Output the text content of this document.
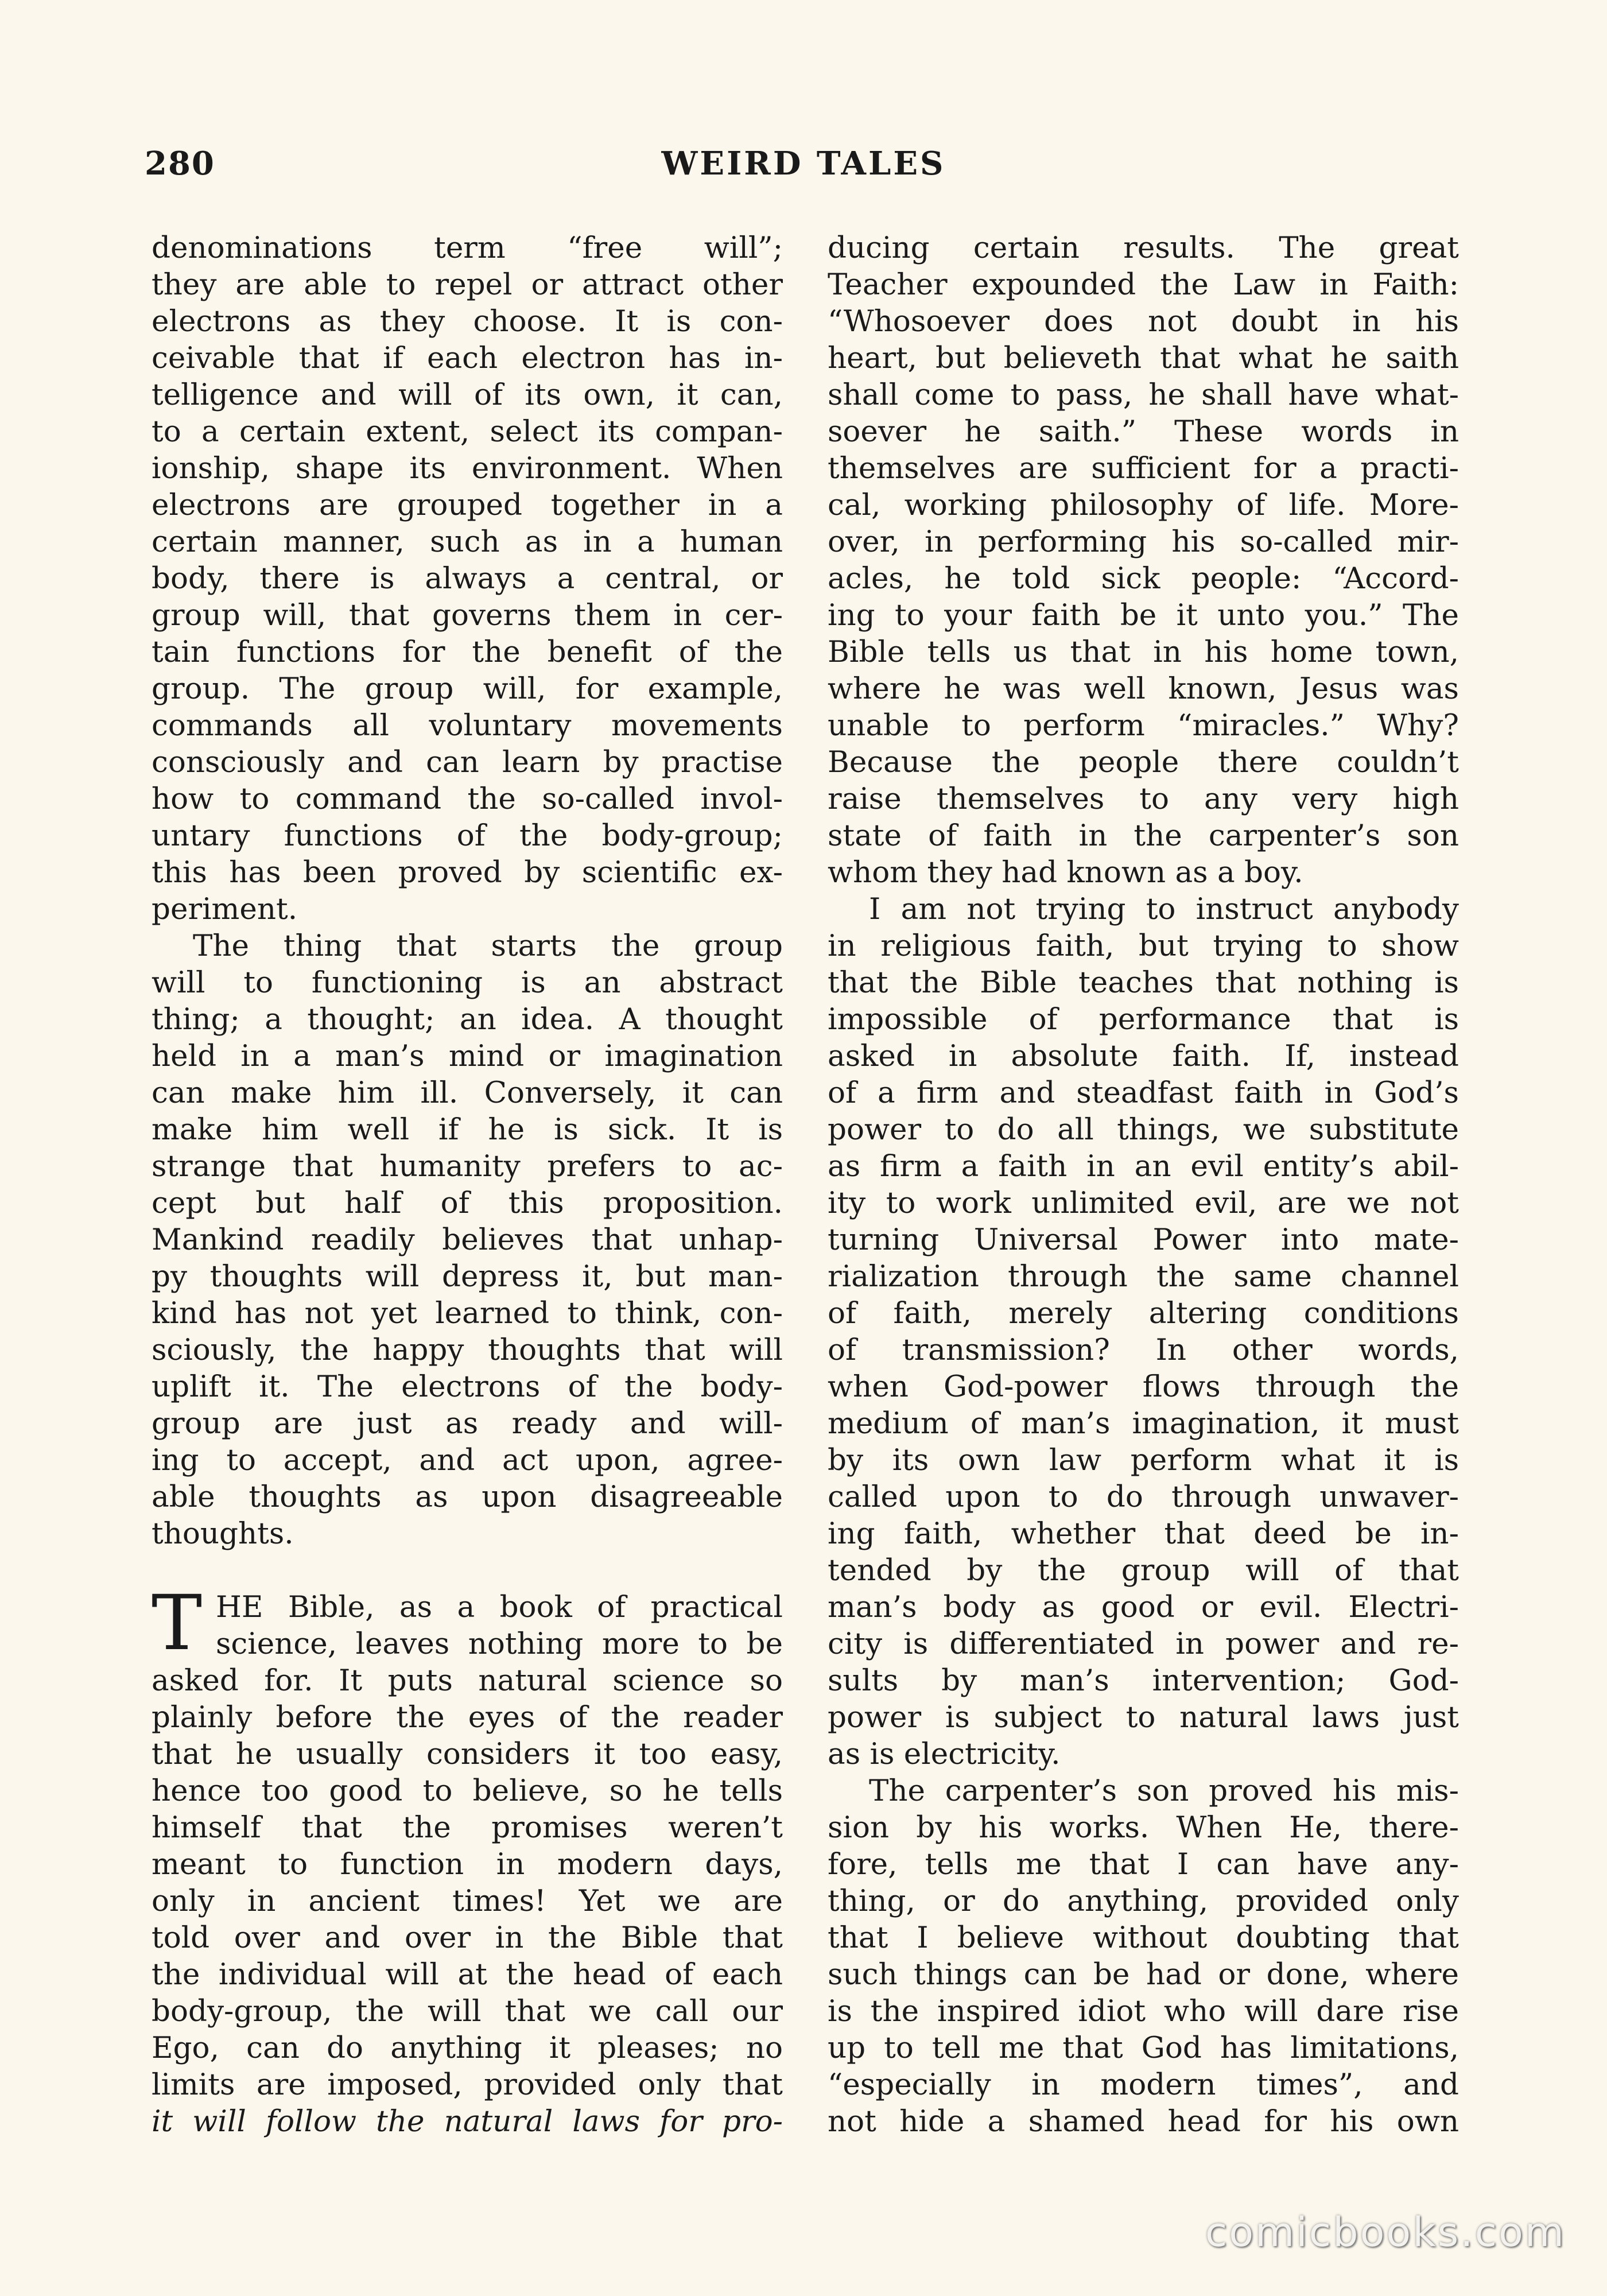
280	WEIRD TALES
denominations term “free will”;
they are able to repel or attract other
electrons as they choose. It is con-
ceivable that if each electron has in-
telligence and will of its own, it can,
to a certain extent, select its compan-
ionship, shape its environment. When
electrons are grouped together in a
certain manner, such as in a human
body, there is always a central, or
group will, that governs them in cer-
tain functions for the benefit of the
group. The group will, for example,
commands all voluntary movements
consciously and can learn by practise
how to command the so-called invol-
untary functions of the body-group;
this has been proved by scientific ex-
periment.
The thing that starts the group
will to functioning is an abstract
thing; a thought; an idea. A thought
held in a man’s mind or imagination
can make him ill. Conversely, it can
make him well if he is sick. It is
strange that humanity prefers to ac-
cept but half of this proposition.
Mankind readily believes that unhap-
py thoughts will depress it, but man-
kind has not yet learned to think, con-
sciously, the happy thoughts that will
uplift it. The electrons of the body-
group are just as ready and will-
ing to accept, and act upon, agree-
able thoughts as upon disagreeable
thoughts.
T HE Bible, as a book of practical
science, leaves nothing more to be
asked for. It puts natural science so
plainly before the eyes of the reader
that he usually considers it too easy,
hence too good to believe, so he tells
himself that the promises weren’t
meant to function in modern days,
only in ancient times! Yet we are
told over and over in the Bible that
the individual will at the head of each
body-group, the will that we call our
Ego, can do anything it pleases; no
limits are imposed, provided only that
it will follow the natural laws for pro-
ducing certain results. The great
Teacher expounded the Law in Faith:
“Whosoever does not doubt in his
heart, but believeth that what he saith
shall come to pass, he shall have what-
soever he saith.” These words in
themselves are sufficient for a practi-
cal, working philosophy of life. More-
over, in performing his so-called mir-
acles, he told sick people: “Accord-
ing to your faith be it unto you.” The
Bible tells us that in his home town,
where he was well known, Jesus was
unable to perform “miracles.” Why?
Because the people there couldn’t
raise themselves to any very high
state of faith in the carpenter’s son
whom they had known as a boy.
I am not trying to instruct anybody
in religious faith, but trying to show
that the Bible teaches that nothing is
impossible of performance that is
asked in absolute faith. If, instead
of a firm and steadfast faith in God’s
power to do all things, we substitute
as firm a faith in an evil entity’s abil-
ity to work unlimited evil, are we not
turning Universal Power into mate-
rialization through the same channel
of faith, merely altering conditions
of transmission? In other words,
when God-power flows through the
medium of man’s imagination, it must
by its own law perform what it is
called upon to do through unwaver-
ing faith, whether that deed be in-
tended by the group will of that
man’s body as good or evil. Electri-
city is differentiated in power and re-
sults by man’s intervention; God-
power is subject to natural laws just
as is electricity.
The carpenter’s son proved his mis-
sion by his works. When He, there-
fore, tells me that I can have any-
thing, or do anything, provided only
that I believe without doubting that
such things can be had or done, where
is the inspired idiot who will dare rise
up to tell me that God has limitations,
“especially in modern times”, and
not hide a shamed head for his own
comicbooks.com
